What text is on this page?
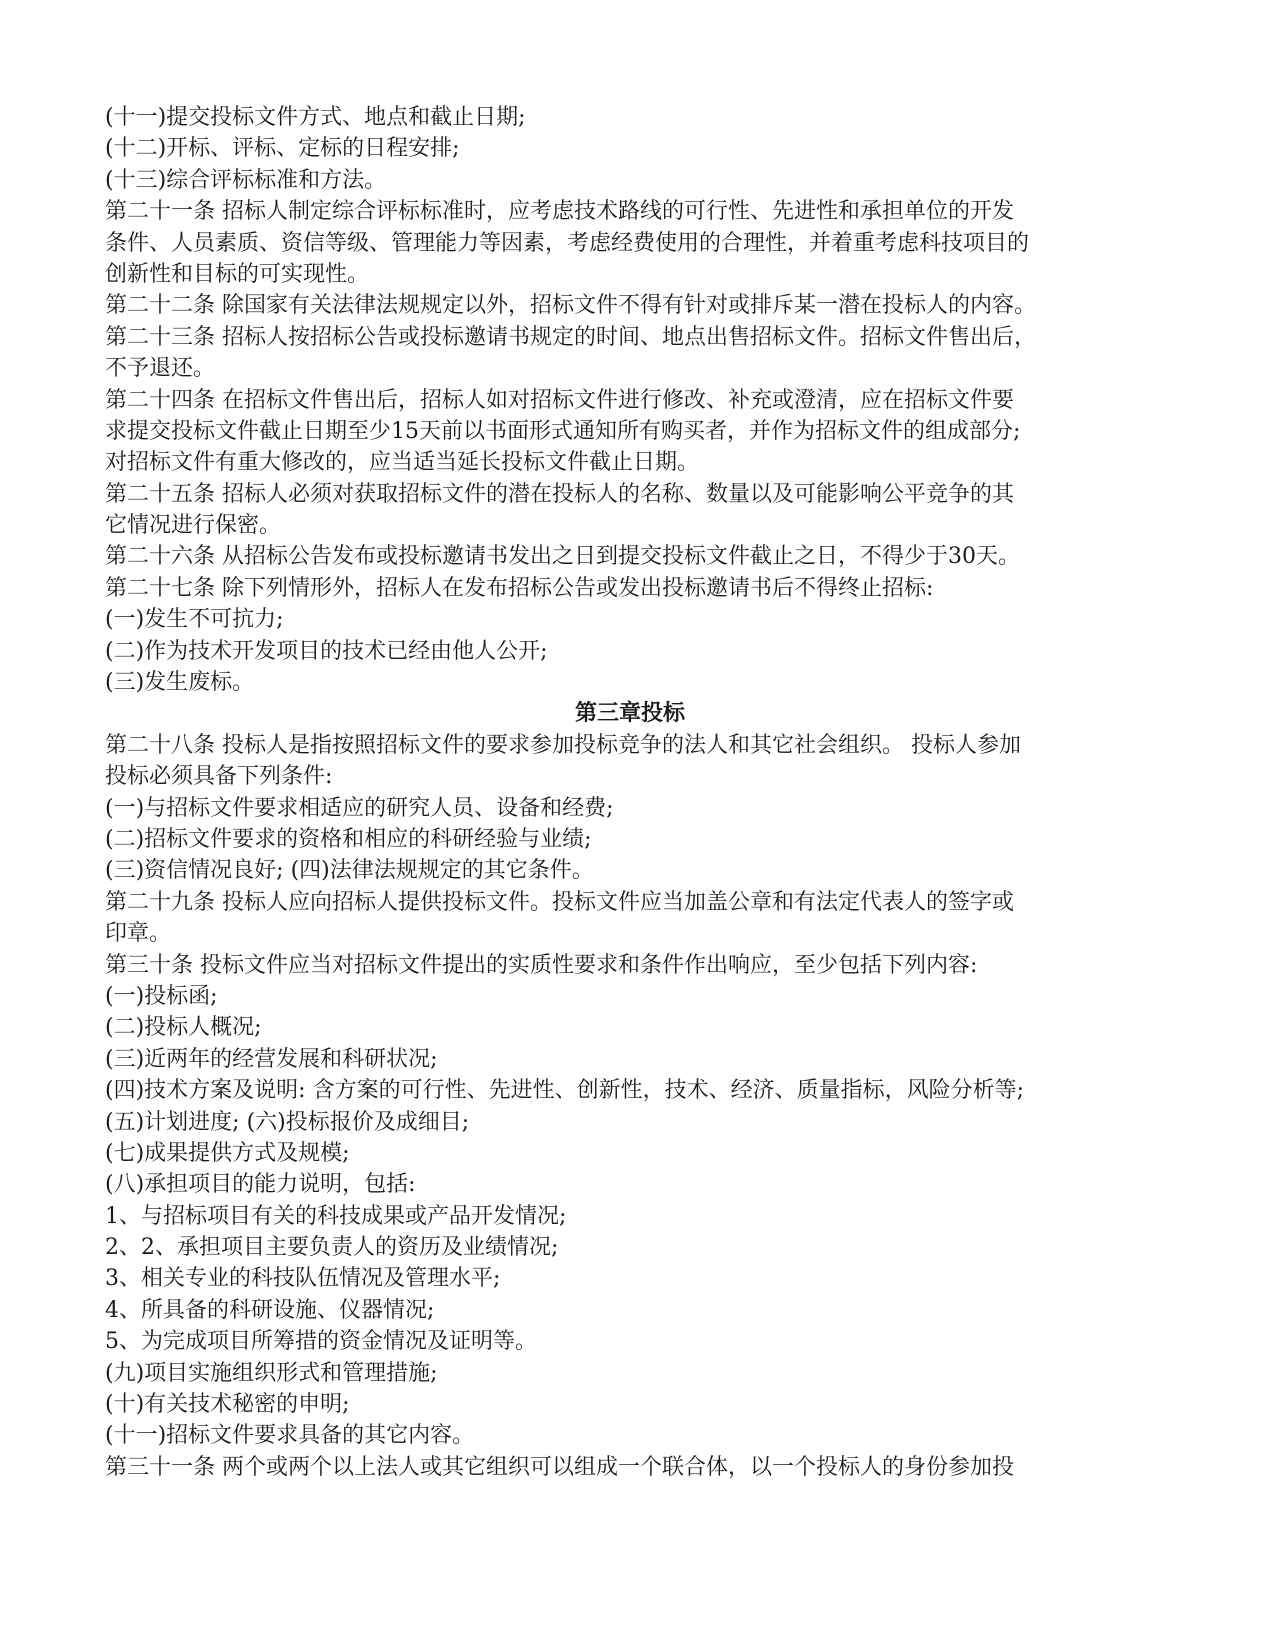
(十一)提交投标文件方式、地点和截止日期;
(十二)开标、评标、定标的日程安排;
(十三)综合评标标准和方法。
第二十一条 招标人制定综合评标标准时，应考虑技术路线的可行性、先进性和承担单位的开发
条件、人员素质、资信等级、管理能力等因素，考虑经费使用的合理性，并着重考虑科技项目的
创新性和目标的可实现性。
第二十二条 除国家有关法律法规规定以外，招标文件不得有针对或排斥某一潜在投标人的内容。
第二十三条 招标人按招标公告或投标邀请书规定的时间、地点出售招标文件。招标文件售出后，
不予退还。
第二十四条 在招标文件售出后，招标人如对招标文件进行修改、补充或澄清，应在招标文件要
求提交投标文件截止日期至少15天前以书面形式通知所有购买者，并作为招标文件的组成部分;
对招标文件有重大修改的，应当适当延长投标文件截止日期。
第二十五条 招标人必须对获取招标文件的潜在投标人的名称、数量以及可能影响公平竞争的其
它情况进行保密。
第二十六条 从招标公告发布或投标邀请书发出之日到提交投标文件截止之日，不得少于30天。
第二十七条 除下列情形外，招标人在发布招标公告或发出投标邀请书后不得终止招标:
(一)发生不可抗力;
(二)作为技术开发项目的技术已经由他人公开;
(三)发生废标。
第三章投标
第二十八条 投标人是指按照招标文件的要求参加投标竞争的法人和其它社会组织。 投标人参加
投标必须具备下列条件:
(一)与招标文件要求相适应的研究人员、设备和经费;
(二)招标文件要求的资格和相应的科研经验与业绩;
(三)资信情况良好; (四)法律法规规定的其它条件。
第二十九条 投标人应向招标人提供投标文件。投标文件应当加盖公章和有法定代表人的签字或
印章。
第三十条 投标文件应当对招标文件提出的实质性要求和条件作出响应，至少包括下列内容:
(一)投标函;
(二)投标人概况;
(三)近两年的经营发展和科研状况;
(四)技术方案及说明: 含方案的可行性、先进性、创新性，技术、经济、质量指标，风险分析等;
(五)计划进度; (六)投标报价及成细目;
(七)成果提供方式及规模;
(八)承担项目的能力说明，包括:
1、与招标项目有关的科技成果或产品开发情况;
2、2、承担项目主要负责人的资历及业绩情况;
3、相关专业的科技队伍情况及管理水平;
4、所具备的科研设施、仪器情况;
5、为完成项目所筹措的资金情况及证明等。
(九)项目实施组织形式和管理措施;
(十)有关技术秘密的申明;
(十一)招标文件要求具备的其它内容。
第三十一条 两个或两个以上法人或其它组织可以组成一个联合体，以一个投标人的身份参加投
